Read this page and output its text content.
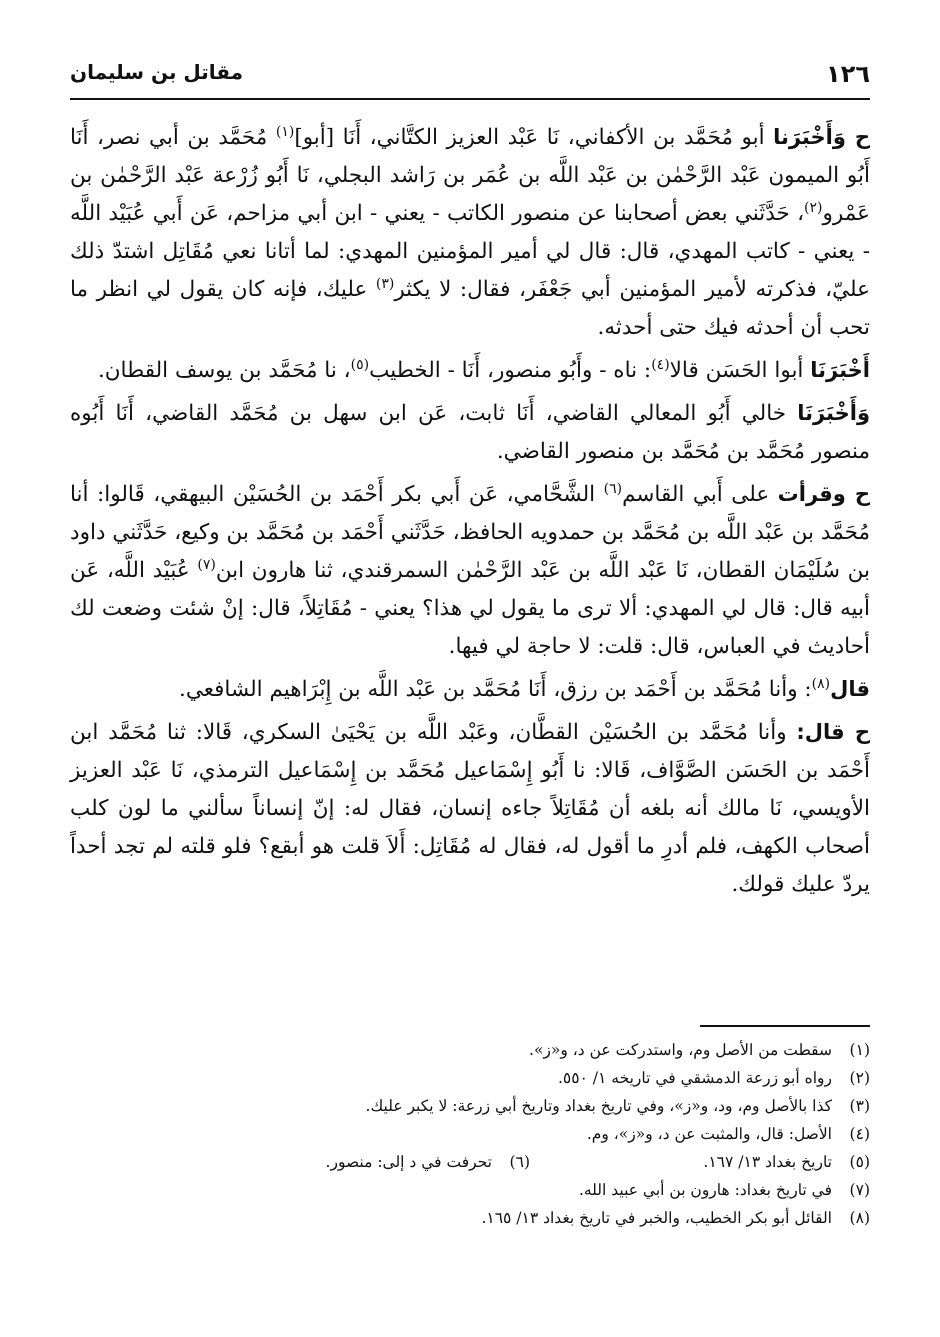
١٢٦
مقاتل بن سليمان

ح وَأَخْبَرَنا أبو مُحَمَّد بن الأكفاني، نَا عَبْد العزيز الكتَّاني، أَنَا [أبو]$^{(١)}$ مُحَمَّد بن أبي نصر، أَنَا أَبُو الميمون عَبْد الرَّحْمٰن بن عَبْد اللَّه بن عُمَر بن رَاشد البجلي، نَا أَبُو زُرْعة عَبْد الرَّحْمٰن بن عَمْرو$^{(٢)}$، حَدَّثَني بعض أصحابنا عن منصور الكاتب - يعني - ابن أبي مزاحم، عَن أَبي عُبَيْد اللَّه - يعني - كاتب المهدي، قال: قال لي أمير المؤمنين المهدي: لما أتانا نعي مُقَاتِل اشتدّ ذلك عليّ، فذكرته لأمير المؤمنين أبي جَعْفَر، فقال: لا يكثر$^{(٣)}$ عليك، فإنه كان يقول لي انظر ما تحب أن أحدثه فيك حتى أحدثه.

أَخْبَرَنَا أبوا الحَسَن قالا$^{(٤)}$: ناه - وأَبُو منصور، أَنَا - الخطيب$^{(٥)}$، نا مُحَمَّد بن يوسف القطان.

وَأَخْبَرَنَا خالي أَبُو المعالي القاضي، أَنَا ثابت، عَن ابن سهل بن مُحَمَّد القاضي، أَنَا أَبُوه منصور مُحَمَّد بن مُحَمَّد بن منصور القاضي.

ح وقرأت على أَبي القاسم$^{(٦)}$ الشَّحَّامي، عَن أَبي بكر أَحْمَد بن الحُسَيْن البيهقي، قَالوا: أنا مُحَمَّد بن عَبْد اللَّه بن مُحَمَّد بن حمدويه الحافظ، حَدَّثَني أَحْمَد بن مُحَمَّد بن وكيع، حَدَّثَني داود بن سُلَيْمَان القطان، نَا عَبْد اللَّه بن عَبْد الرَّحْمٰن السمرقندي، ثنا هارون ابن$^{(٧)}$ عُبَيْد اللَّه، عَن أبيه قال: قال لي المهدي: ألا ترى ما يقول لي هذا؟ يعني - مُقَاتِلاً، قال: إنْ شئت وضعت لك أحاديث في العباس، قال: قلت: لا حاجة لي فيها.

قال$^{(٨)}$: وأنا مُحَمَّد بن أَحْمَد بن رزق، أَنَا مُحَمَّد بن عَبْد اللَّه بن إِبْرَاهيم الشافعي.

ح قال: وأنا مُحَمَّد بن الحُسَيْن القطَّان، وعَبْد اللَّه بن يَحْيَىٰ السكري، قَالا: ثنا مُحَمَّد ابن أَحْمَد بن الحَسَن الصَّوَّاف، قَالا: نا أَبُو إِسْمَاعيل مُحَمَّد بن إِسْمَاعيل الترمذي، نَا عَبْد العزيز الأويسي، نَا مالك أنه بلغه أن مُقَاتِلاً جاءه إنسان، فقال له: إنّ إنساناً سألني ما لون كلب أصحاب الكهف، فلم أدرِ ما أقول له، فقال له مُقَاتِل: أَلاَ قلت هو أبقع؟ فلو قلته لم تجد أحداً يردّ عليك قولك.

(١)
سقطت من الأصل وم، واستدركت عن د، و«ز».
(٢)
رواه أبو زرعة الدمشقي في تاريخه ١/ ٥٥٠.
(٣)
كذا بالأصل وم، ود، و«ز»، وفي تاريخ بغداد وتاريخ أبي زرعة: لا يكبر عليك.
(٤)
الأصل: قال، والمثبت عن د، و«ز»، وم.
(٥)
تاريخ بغداد ١٣/ ١٦٧.
(٦)
تحرفت في د إلى: منصور.
(٧)
في تاريخ بغداد: هارون بن أبي عبيد الله.
(٨)
القائل أبو بكر الخطيب، والخبر في تاريخ بغداد ١٣/ ١٦٥.
